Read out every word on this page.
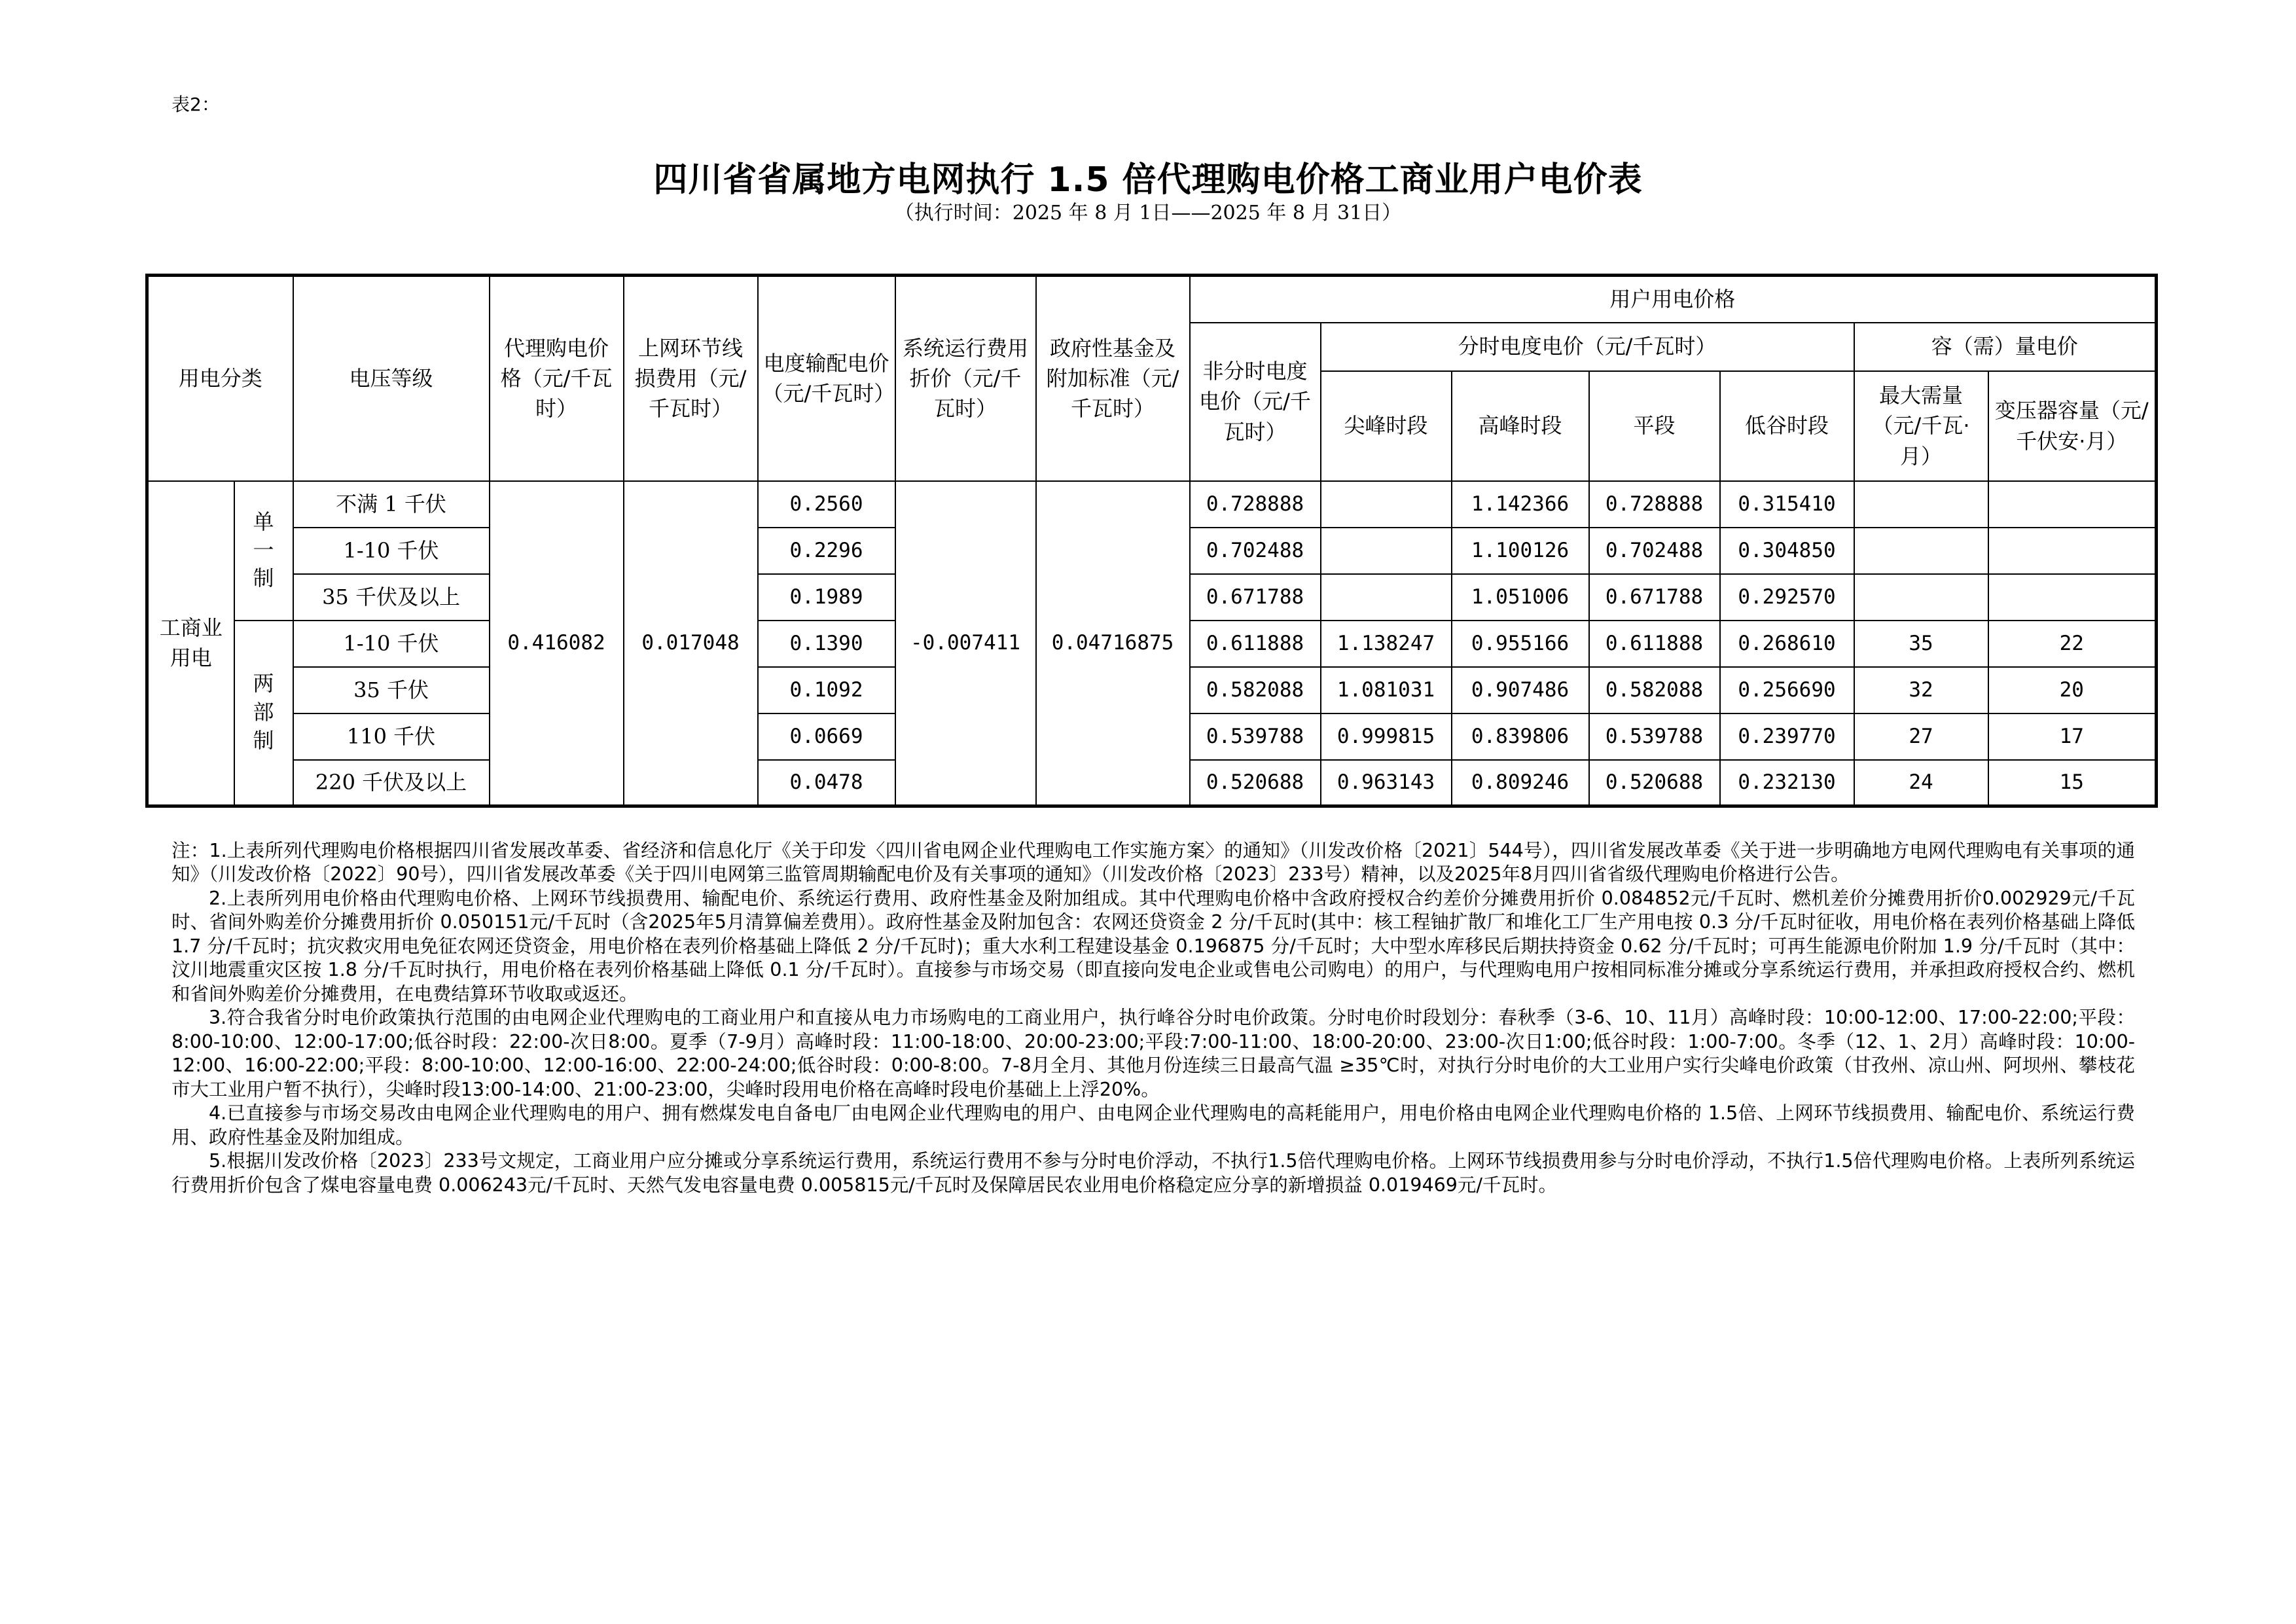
表2：
四川省省属地方电网执行 1.5 倍代理购电价格工商业用户电价表
（执行时间：2025 年 8 月 1日——2025 年 8 月 31日）
用电分类		电压等级	代理购电价格（元/千瓦时）	上网环节线损费用（元/千瓦时）	电度输配电价（元/千瓦时）	系统运行费用折价（元/千瓦时）	政府性基金及附加标准（元/千瓦时）	用户用电价格						
								非分时电度电价（元/千瓦时）	分时电度电价（元/千瓦时）				容（需）量电价	
									尖峰时段	高峰时段	平段	低谷时段	最大需量（元/千瓦·月）	变压器容量（元/千伏安·月）
工商业用电	单一制	不满 1 千伏	0.416082	0.017048	0.2560	-0.007411	0.04716875	0.728888		1.142366	0.728888	0.315410		
		1-10 千伏			0.2296			0.702488		1.100126	0.702488	0.304850		
		35 千伏及以上			0.1989			0.671788		1.051006	0.671788	0.292570		
	两部制	1-10 千伏			0.1390			0.611888	1.138247	0.955166	0.611888	0.268610	35	22
		35 千伏			0.1092			0.582088	1.081031	0.907486	0.582088	0.256690	32	20
		110 千伏			0.0669			0.539788	0.999815	0.839806	0.539788	0.239770	27	17
		220 千伏及以上			0.0478			0.520688	0.963143	0.809246	0.520688	0.232130	24	15

注：1.上表所列代理购电价格根据四川省发展改革委、省经济和信息化厅《关于印发〈四川省电网企业代理购电工作实施方案〉的通知》（川发改价格〔2021〕544号），四川省发展改革委《关于进一步明确地方电网代理购电有关事项的通知》（川发改价格〔2022〕90号），四川省发展改革委《关于四川电网第三监管周期输配电价及有关事项的通知》（川发改价格〔2023〕233号）精神，以及2025年8月四川省省级代理购电价格进行公告。

2.上表所列用电价格由代理购电价格、上网环节线损费用、输配电价、系统运行费用、政府性基金及附加组成。其中代理购电价格中含政府授权合约差价分摊费用折价 0.084852元/千瓦时、燃机差价分摊费用折价0.002929元/千瓦时、省间外购差价分摊费用折价 0.050151元/千瓦时（含2025年5月清算偏差费用）。政府性基金及附加包含：农网还贷资金 2 分/千瓦时(其中：核工程铀扩散厂和堆化工厂生产用电按 0.3 分/千瓦时征收，用电价格在表列价格基础上降低 1.7 分/千瓦时；抗灾救灾用电免征农网还贷资金，用电价格在表列价格基础上降低 2 分/千瓦时)；重大水利工程建设基金 0.196875 分/千瓦时；大中型水库移民后期扶持资金 0.62 分/千瓦时；可再生能源电价附加 1.9 分/千瓦时（其中：汶川地震重灾区按 1.8 分/千瓦时执行，用电价格在表列价格基础上降低 0.1 分/千瓦时）。直接参与市场交易（即直接向发电企业或售电公司购电）的用户，与代理购电用户按相同标准分摊或分享系统运行费用，并承担政府授权合约、燃机和省间外购差价分摊费用，在电费结算环节收取或返还。

3.符合我省分时电价政策执行范围的由电网企业代理购电的工商业用户和直接从电力市场购电的工商业用户，执行峰谷分时电价政策。分时电价时段划分：春秋季（3-6、10、11月）高峰时段：10:00-12:00、17:00-22:00;平段：8:00-10:00、12:00-17:00;低谷时段：22:00-次日8:00。夏季（7-9月）高峰时段：11:00-18:00、20:00-23:00;平段:7:00-11:00、18:00-20:00、23:00-次日1:00;低谷时段：1:00-7:00。冬季（12、1、2月）高峰时段：10:00-12:00、16:00-22:00;平段：8:00-10:00、12:00-16:00、22:00-24:00;低谷时段：0:00-8:00。7-8月全月、其他月份连续三日最高气温 ≥35℃时，对执行分时电价的大工业用户实行尖峰电价政策（甘孜州、凉山州、阿坝州、攀枝花市大工业用户暂不执行），尖峰时段13:00-14:00、21:00-23:00，尖峰时段用电价格在高峰时段电价基础上上浮20%。

4.已直接参与市场交易改由电网企业代理购电的用户、拥有燃煤发电自备电厂由电网企业代理购电的用户、由电网企业代理购电的高耗能用户，用电价格由电网企业代理购电价格的 1.5倍、上网环节线损费用、输配电价、系统运行费用、政府性基金及附加组成。

5.根据川发改价格〔2023〕233号文规定，工商业用户应分摊或分享系统运行费用，系统运行费用不参与分时电价浮动，不执行1.5倍代理购电价格。上网环节线损费用参与分时电价浮动，不执行1.5倍代理购电价格。上表所列系统运行费用折价包含了煤电容量电费 0.006243元/千瓦时、天然气发电容量电费 0.005815元/千瓦时及保障居民农业用电价格稳定应分享的新增损益 0.019469元/千瓦时。
